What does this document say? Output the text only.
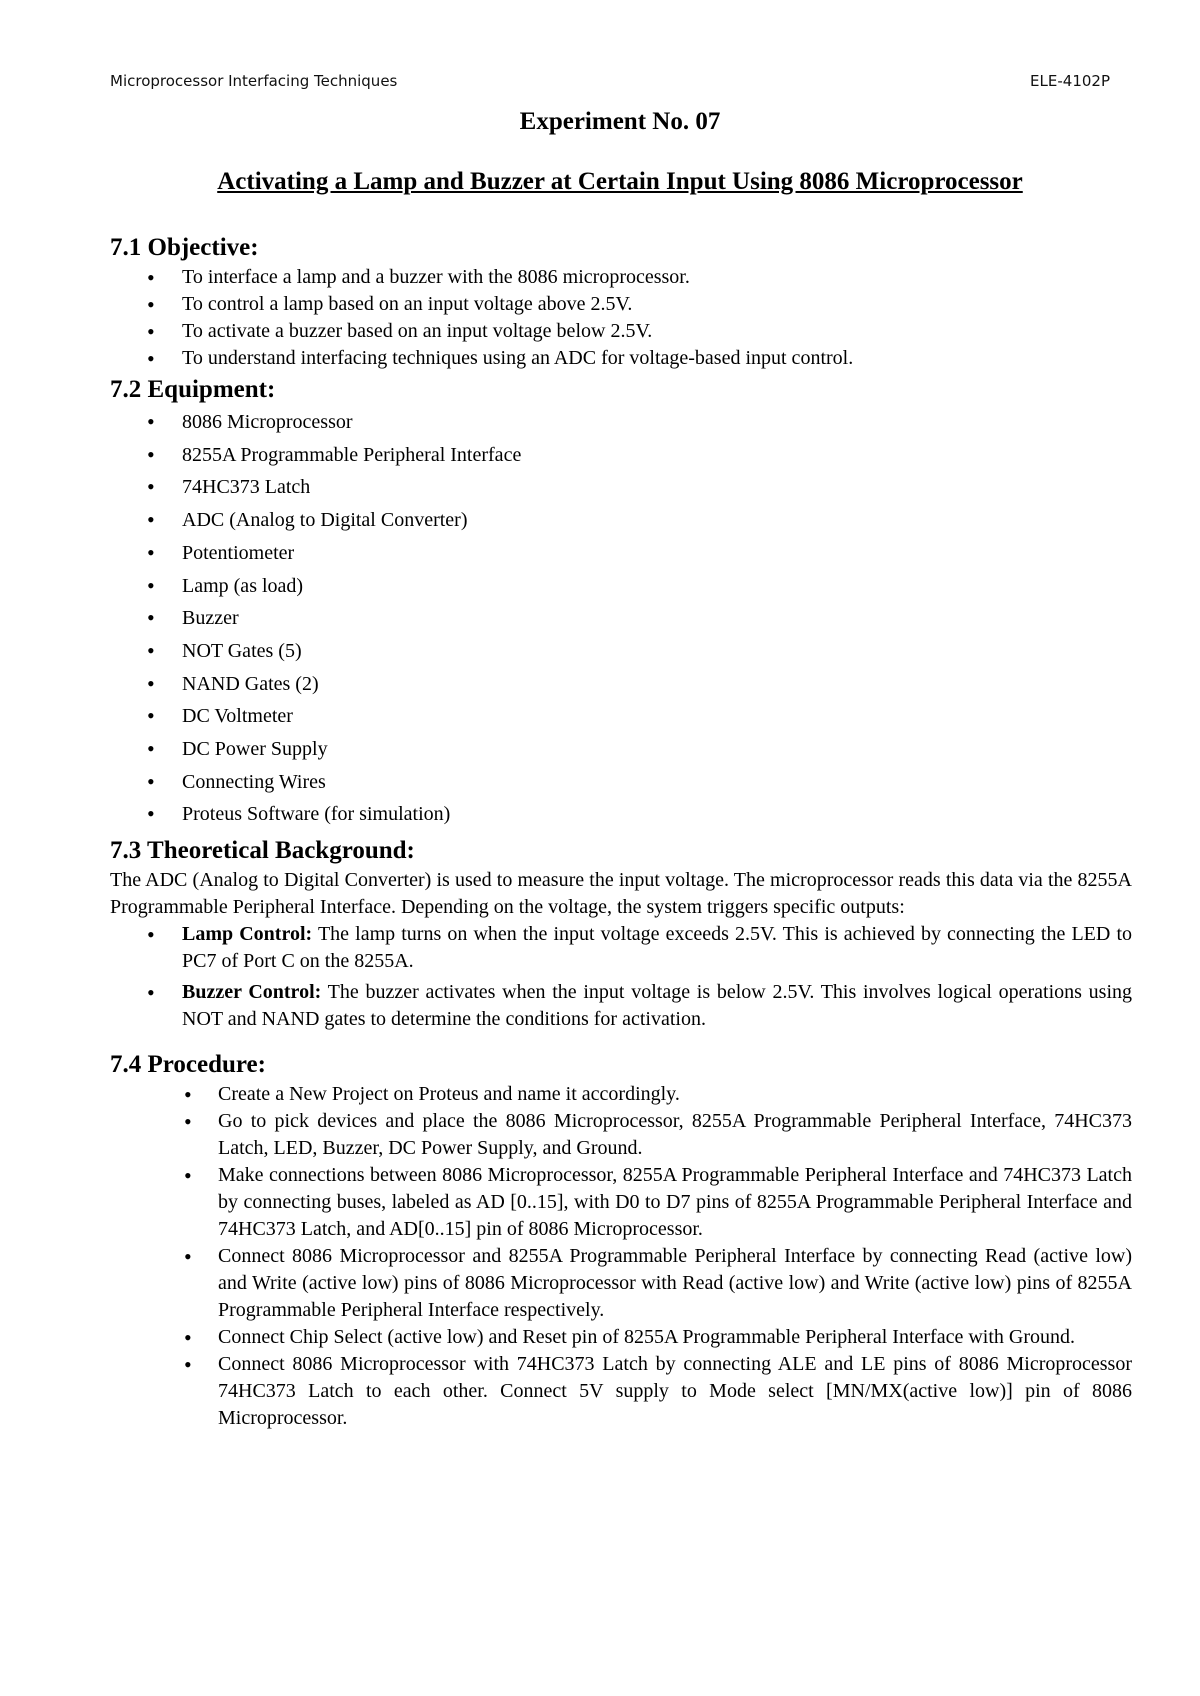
Microprocessor Interfacing Techniques	ELE-4102P
Experiment No. 07
Activating a Lamp and Buzzer at Certain Input Using 8086 Microprocessor
7.1 Objective:
• To interface a lamp and a buzzer with the 8086 microprocessor.
• To control a lamp based on an input voltage above 2.5V.
• To activate a buzzer based on an input voltage below 2.5V.
• To understand interfacing techniques using an ADC for voltage-based input control.
7.2 Equipment:
• 8086 Microprocessor
• 8255A Programmable Peripheral Interface
• 74HC373 Latch
• ADC (Analog to Digital Converter)
• Potentiometer
• Lamp (as load)
• Buzzer
• NOT Gates (5)
• NAND Gates (2)
• DC Voltmeter
• DC Power Supply
• Connecting Wires
• Proteus Software (for simulation)
7.3 Theoretical Background:

The ADC (Analog to Digital Converter) is used to measure the input voltage. The microprocessor reads this data via the 8255A Programmable Peripheral Interface. Depending on the voltage, the system triggers specific outputs:

• Lamp Control: The lamp turns on when the input voltage exceeds 2.5V. This is achieved by connecting the LED to PC7 of Port C on the 8255A.
• Buzzer Control: The buzzer activates when the input voltage is below 2.5V. This involves logical operations using NOT and NAND gates to determine the conditions for activation.
7.4 Procedure:
• Create a New Project on Proteus and name it accordingly.
• Go to pick devices and place the 8086 Microprocessor, 8255A Programmable Peripheral Interface, 74HC373 Latch, LED, Buzzer, DC Power Supply, and Ground.
• Make connections between 8086 Microprocessor, 8255A Programmable Peripheral Interface and 74HC373 Latch by connecting buses, labeled as AD [0..15], with D0 to D7 pins of 8255A Programmable Peripheral Interface and 74HC373 Latch, and AD[0..15] pin of 8086 Microprocessor.
• Connect 8086 Microprocessor and 8255A Programmable Peripheral Interface by connecting Read (active low) and Write (active low) pins of 8086 Microprocessor with Read (active low) and Write (active low) pins of 8255A Programmable Peripheral Interface respectively.
• Connect Chip Select (active low) and Reset pin of 8255A Programmable Peripheral Interface with Ground.
• Connect 8086 Microprocessor with 74HC373 Latch by connecting ALE and LE pins of 8086 Microprocessor 74HC373 Latch to each other. Connect 5V supply to Mode select [MN/MX(active low)] pin of 8086 Microprocessor.
